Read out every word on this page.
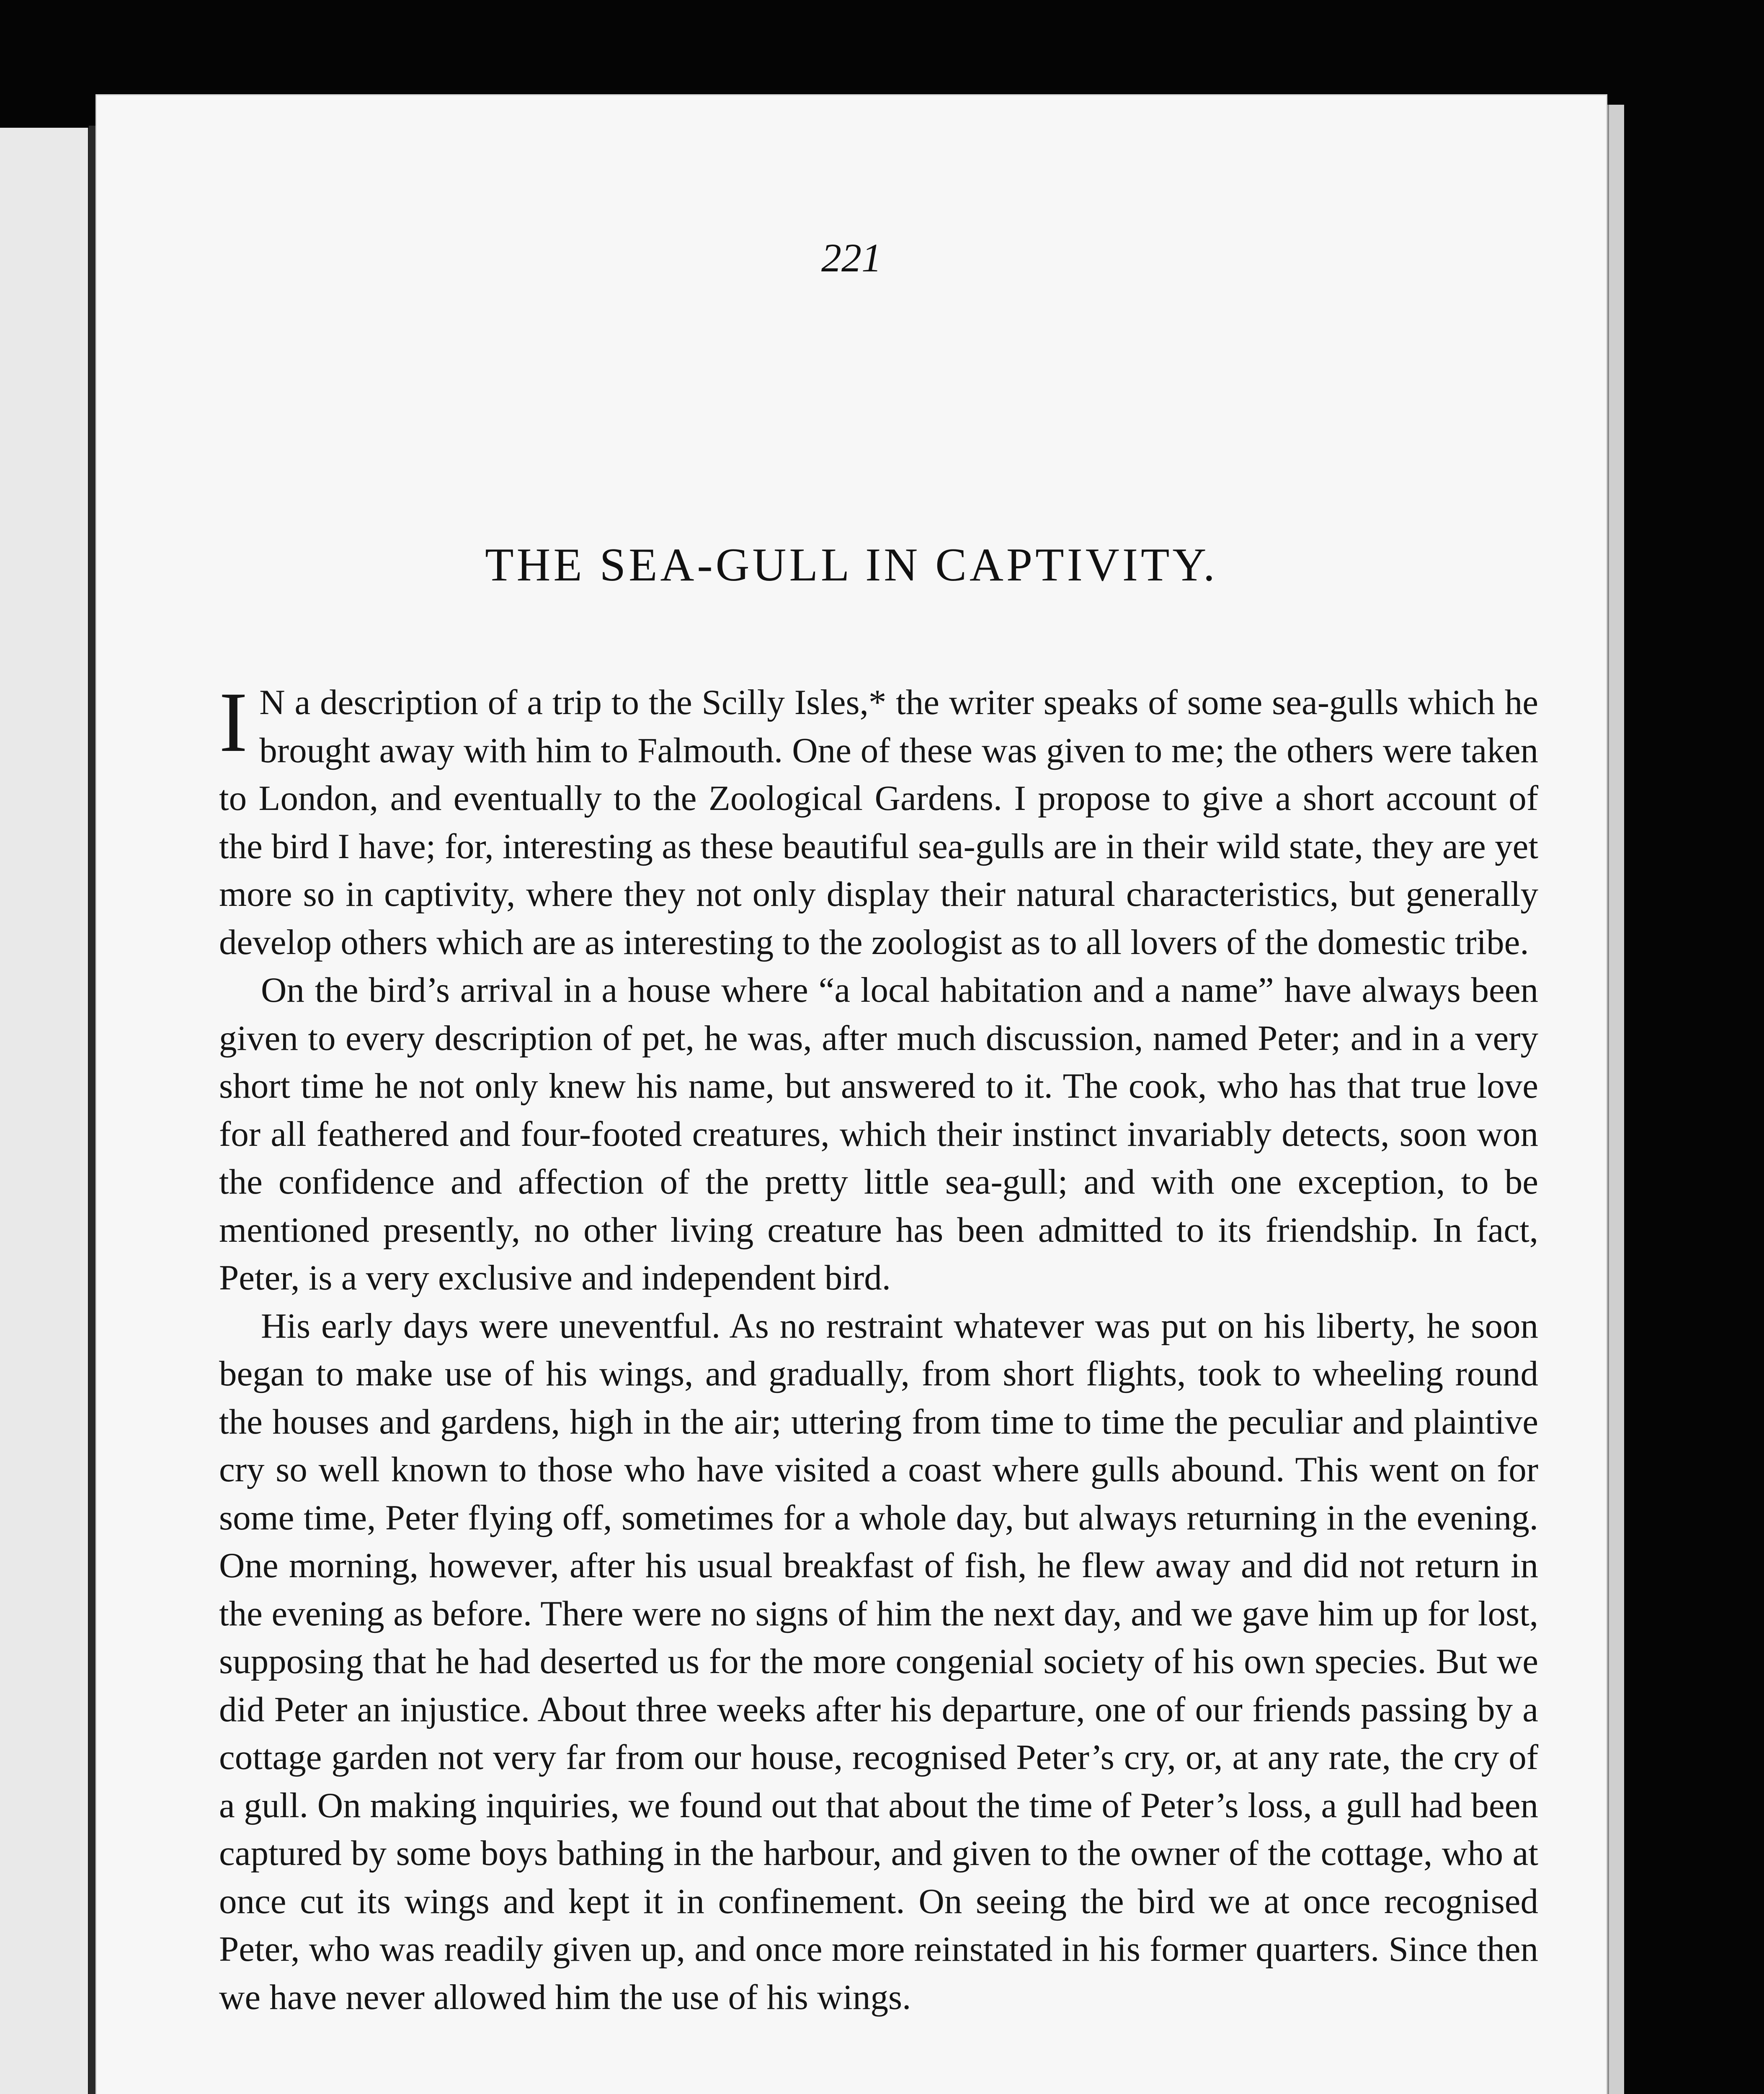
221
THE SEA-GULL IN CAPTIVITY.

I N a description of a trip to the Scilly Isles,* the writer speaks of some sea-gulls which he brought away with him to Falmouth. One of these was given to me; the others were taken to London, and eventually to the Zoological Gardens. I propose to give a short account of the bird I have; for, interesting as these beautiful sea-gulls are in their wild state, they are yet more so in captivity, where they not only display their natural characteristics, but generally develop others which are as interesting to the zoologist as to all lovers of the domestic tribe.

On the bird’s arrival in a house where “a local habitation and a name” have always been given to every description of pet, he was, after much discussion, named Peter; and in a very short time he not only knew his name, but answered to it. The cook, who has that true love for all feathered and four-footed creatures, which their instinct invariably detects, soon won the confidence and affection of the pretty little sea-gull; and with one exception, to be mentioned presently, no other living creature has been admitted to its friendship. In fact, Peter, is a very exclusive and independent bird.

His early days were uneventful. As no restraint whatever was put on his liberty, he soon began to make use of his wings, and gradually, from short flights, took to wheeling round the houses and gardens, high in the air; uttering from time to time the peculiar and plaintive cry so well known to those who have visited a coast where gulls abound. This went on for some time, Peter flying off, sometimes for a whole day, but always returning in the evening. One morning, however, after his usual breakfast of fish, he flew away and did not return in the evening as before. There were no signs of him the next day, and we gave him up for lost, supposing that he had deserted us for the more congenial society of his own species. But we did Peter an injustice. About three weeks after his departure, one of our friends passing by a cottage garden not very far from our house, recognised Peter’s cry, or, at any rate, the cry of a gull. On making inquiries, we found out that about the time of Peter’s loss, a gull had been captured by some boys bathing in the harbour, and given to the owner of the cottage, who at once cut its wings and kept it in confinement. On seeing the bird we at once recognised Peter, who was readily given up, and once more reinstated in his former quarters. Since then we have never allowed him the use of his wings.
